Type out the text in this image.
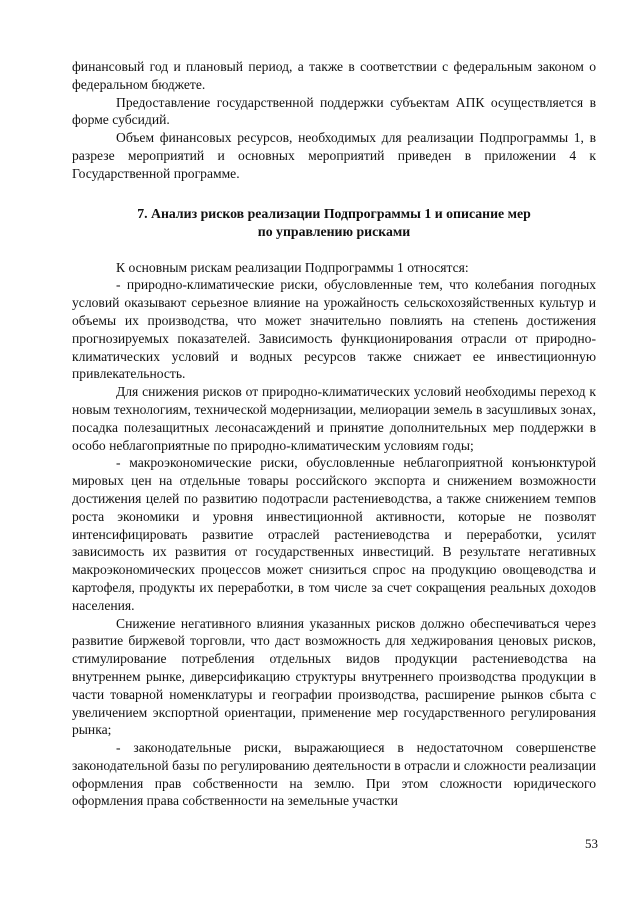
финансовый год и плановый период, а также в соответствии с федеральным законом о федеральном бюджете.

Предоставление государственной поддержки субъектам АПК осуществляется в форме субсидий.

Объем финансовых ресурсов, необходимых для реализации Подпрограммы 1, в разрезе мероприятий и основных мероприятий приведен в приложении 4 к Государственной программе.

7. Анализ рисков реализации Подпрограммы 1 и описание мер
по управлению рисками

К основным рискам реализации Подпрограммы 1 относятся:

- природно-климатические риски, обусловленные тем, что колебания погодных условий оказывают серьезное влияние на урожайность сельскохозяйственных культур и объемы их производства, что может значительно повлиять на степень достижения прогнозируемых показателей. Зависимость функционирования отрасли от природно-климатических условий и водных ресурсов также снижает ее инвестиционную привлекательность.

Для снижения рисков от природно-климатических условий необходимы переход к новым технологиям, технической модернизации, мелиорации земель в засушливых зонах, посадка полезащитных лесонасаждений и принятие дополнительных мер поддержки в особо неблагоприятные по природно-климатическим условиям годы;

- макроэкономические риски, обусловленные неблагоприятной конъюнктурой мировых цен на отдельные товары российского экспорта и снижением возможности достижения целей по развитию подотрасли растениеводства, а также снижением темпов роста экономики и уровня инвестиционной активности, которые не позволят интенсифицировать развитие отраслей растениеводства и переработки, усилят зависимость их развития от государственных инвестиций. В результате негативных макроэкономических процессов может снизиться спрос на продукцию овощеводства и картофеля, продукты их переработки, в том числе за счет сокращения реальных доходов населения.

Снижение негативного влияния указанных рисков должно обеспечиваться через развитие биржевой торговли, что даст возможность для хеджирования ценовых рисков, стимулирование потребления отдельных видов продукции растениеводства на внутреннем рынке, диверсификацию структуры внутреннего производства продукции в части товарной номенклатуры и географии производства, расширение рынков сбыта с увеличением экспортной ориентации, применение мер государственного регулирования рынка;

- законодательные риски, выражающиеся в недостаточном совершенстве законодательной базы по регулированию деятельности в отрасли и сложности реализации оформления прав собственности на землю. При этом сложности юридического оформления права собственности на земельные участки

53
